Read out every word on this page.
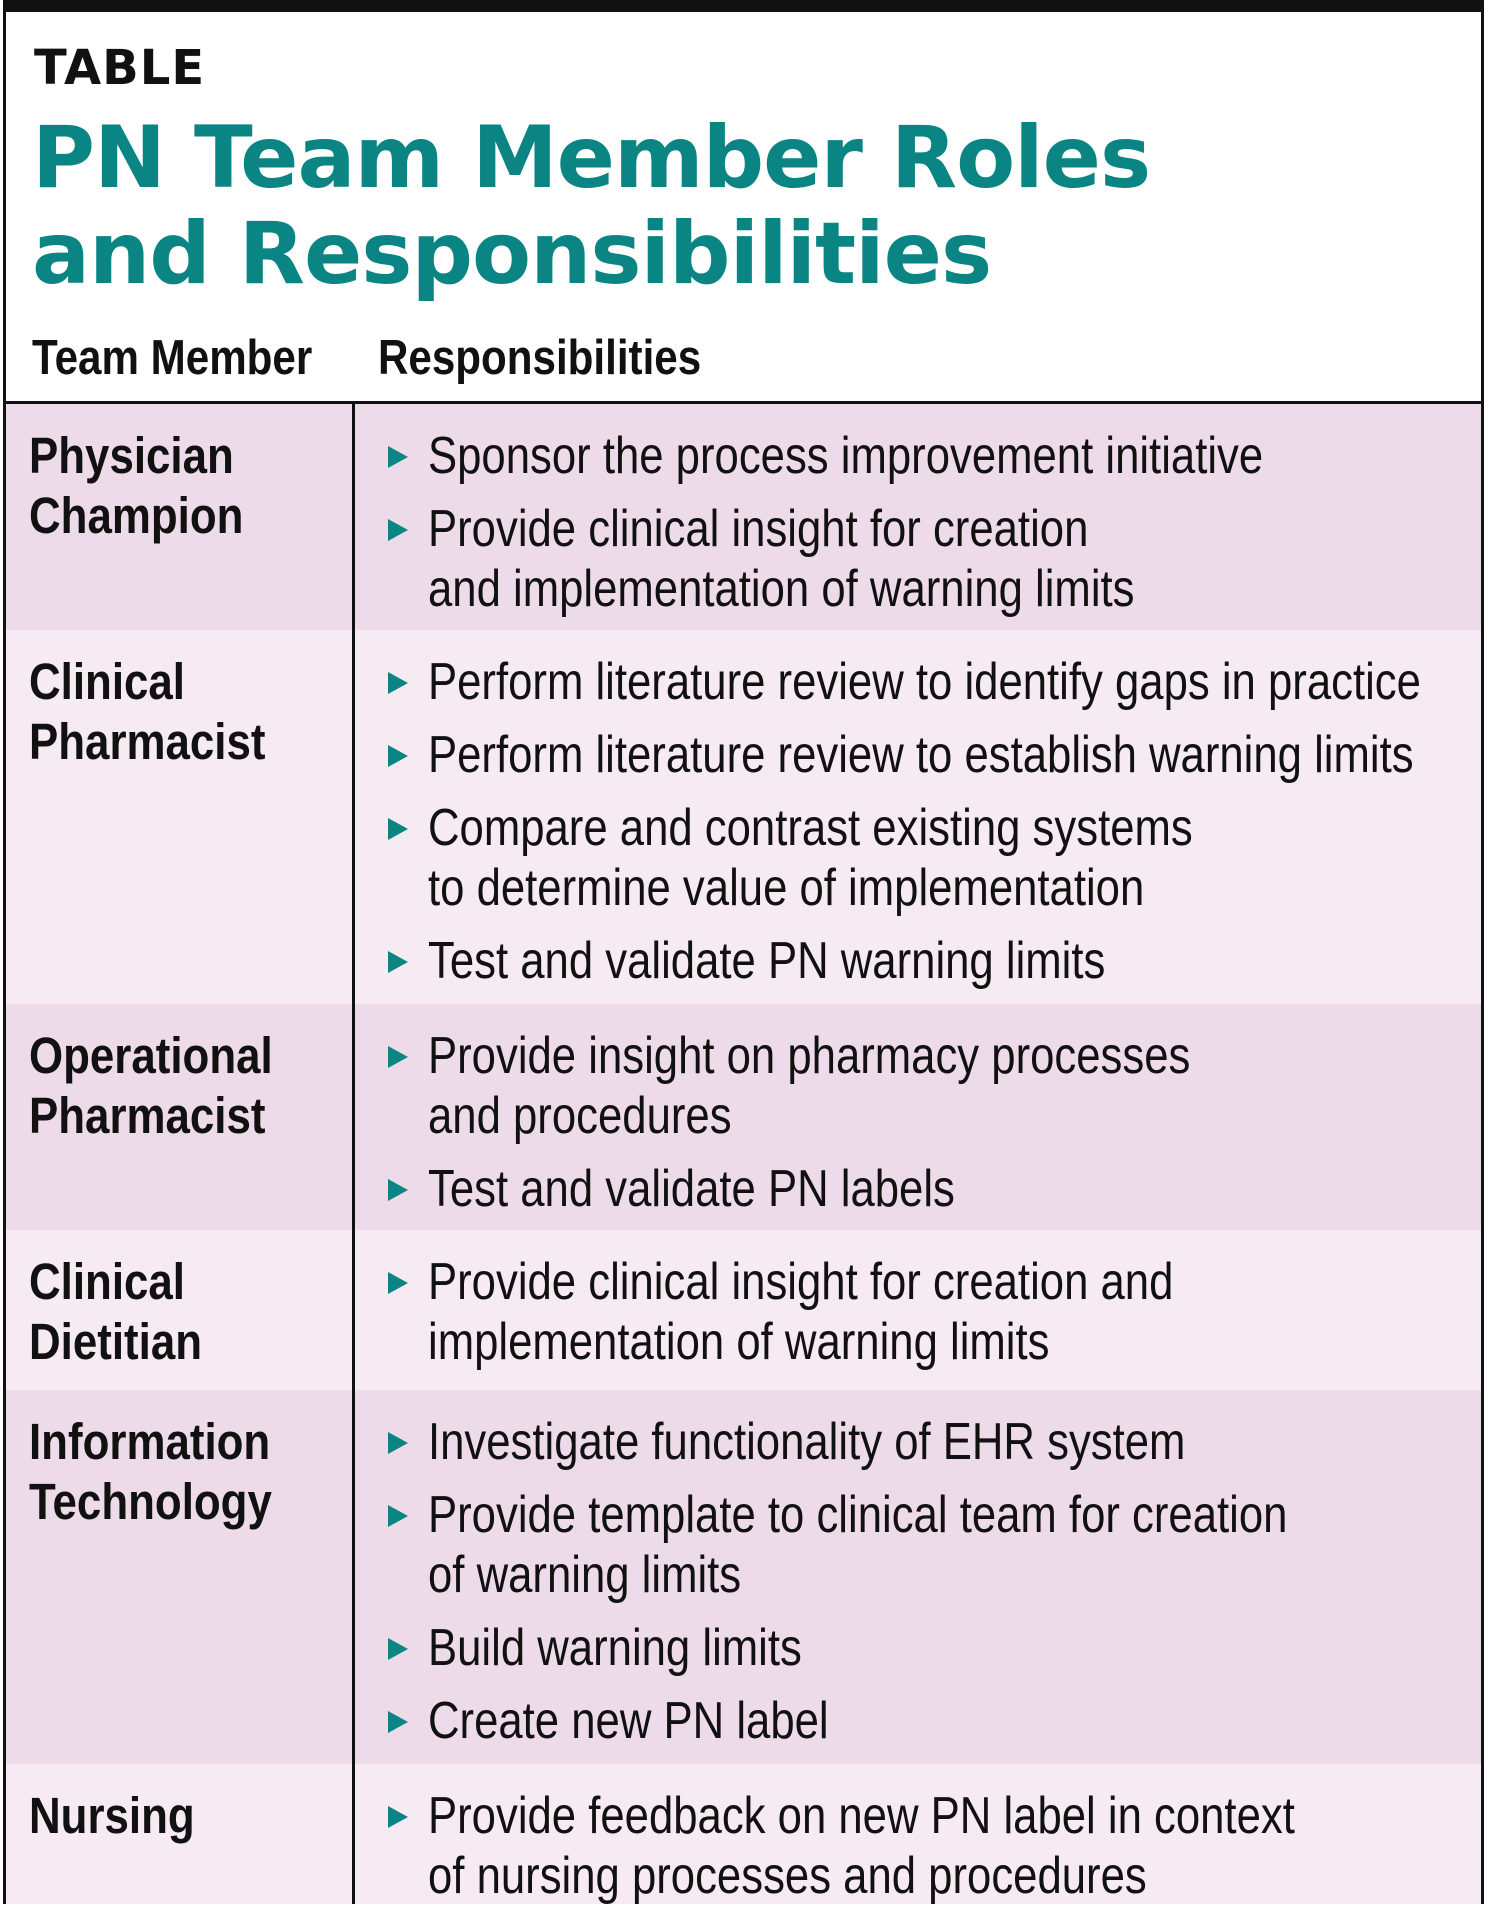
TABLE
PN Team Member Roles
and Responsibilities
Team Member Responsibilities
Physician
Champion
Sponsor the process improvement initiative
Provide clinical insight for creation
and implementation of warning limits
Clinical
Pharmacist
Perform literature review to identify gaps in practice
Perform literature review to establish warning limits
Compare and contrast existing systems
to determine value of implementation
Test and validate PN warning limits
Operational
Pharmacist
Provide insight on pharmacy processes
and procedures
Test and validate PN labels
Clinical
Dietitian
Provide clinical insight for creation and
implementation of warning limits
Information
Technology
Investigate functionality of EHR system
Provide template to clinical team for creation
of warning limits
Build warning limits
Create new PN label
Nursing	Provide feedback on new PN label in context
of nursing processes and procedures
